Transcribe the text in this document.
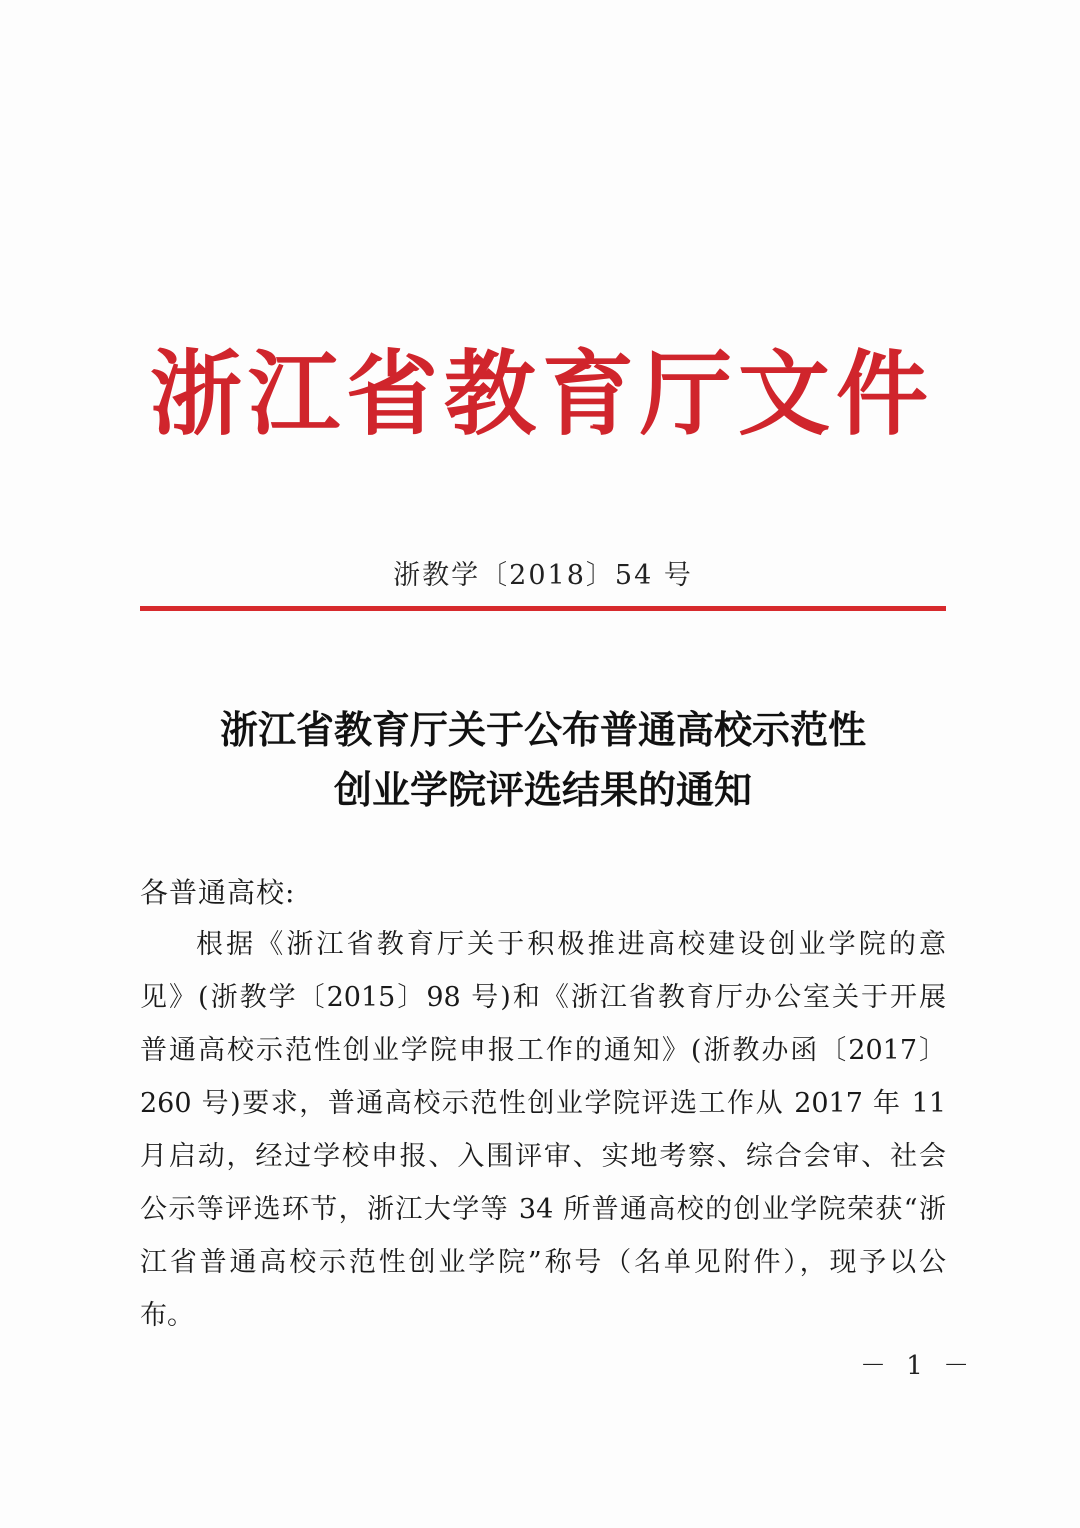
浙江省教育厅文件
浙教学〔2018〕54 号
浙江省教育厅关于公布普通高校示范性
创业学院评选结果的通知
各普通高校:
根据《浙江省教育厅关于积极推进高校建设创业学院的意
见》(浙教学〔2015〕98 号)和《浙江省教育厅办公室关于开展
普通高校示范性创业学院申报工作的通知》(浙教办函〔2017〕
260 号)要求，普通高校示范性创业学院评选工作从 2017 年 11
月启动，经过学校申报、入围评审、实地考察、综合会审、社会
公示等评选环节，浙江大学等 34 所普通高校的创业学院荣获“浙
江省普通高校示范性创业学院”称号（名单见附件），现予以公
布。
－ 1 －
